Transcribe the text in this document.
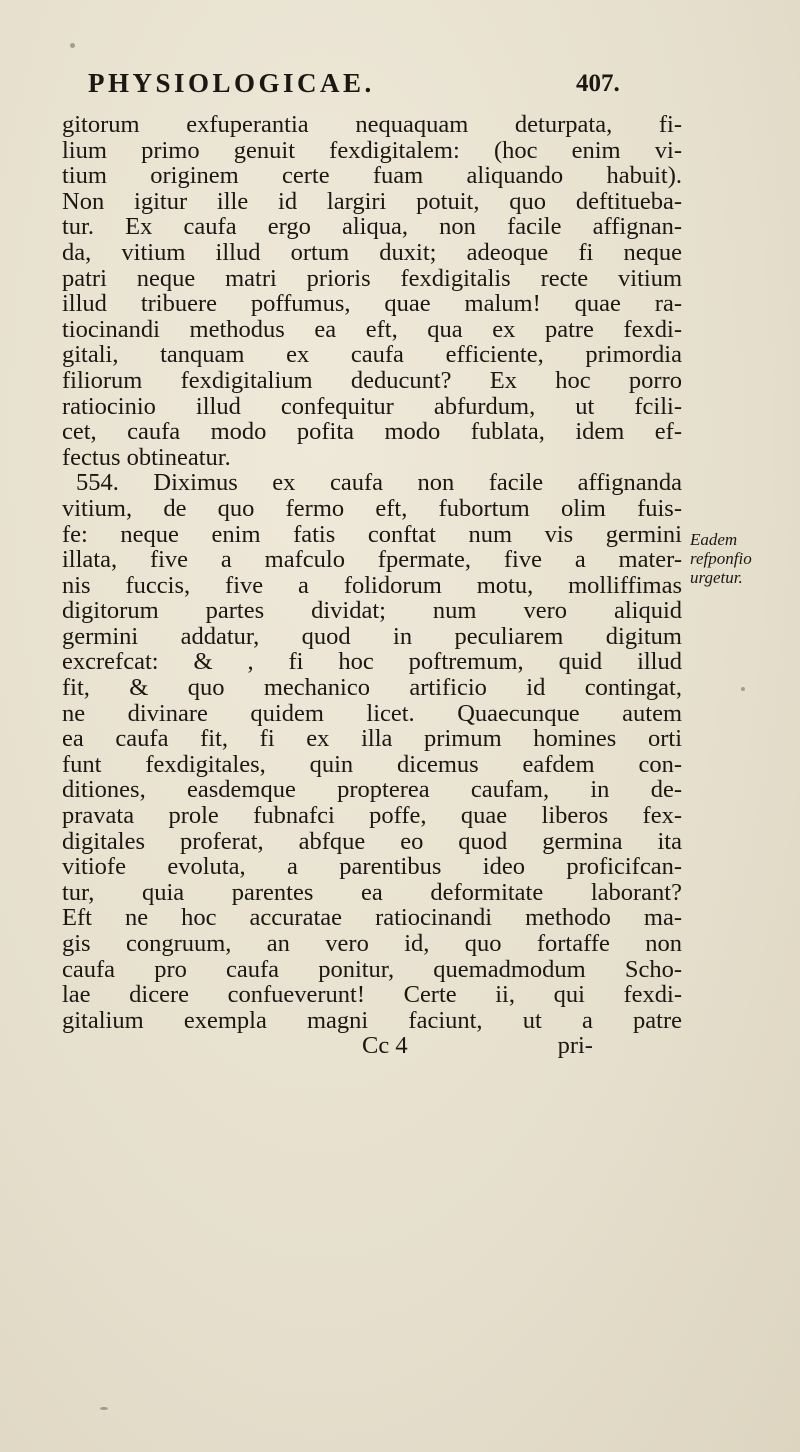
PHYSIOLOGICAE.	407.
gitorum exfuperantia nequaquam deturpata, fi-
lium primo genuit fexdigitalem: (hoc enim vi-
tium originem certe fuam aliquando habuit).
Non igitur ille id largiri potuit, quo deftitueba-
tur. Ex caufa ergo aliqua, non facile affignan-
da, vitium illud ortum duxit; adeoque fi neque
patri neque matri prioris fexdigitalis recte vitium
illud tribuere poffumus, quae malum! quae ra-
tiocinandi methodus ea eft, qua ex patre fexdi-
gitali, tanquam ex caufa efficiente, primordia
filiorum fexdigitalium deducunt? Ex hoc porro
ratiocinio illud confequitur abfurdum, ut fcili-
cet, caufa modo pofita modo fublata, idem ef-
fectus obtineatur.
554. Diximus ex caufa non facile affignanda
vitium, de quo fermo eft, fubortum olim fuis-
fe: neque enim fatis conftat num vis germini
illata, five a mafculo fpermate, five a mater-
nis fuccis, five a folidorum motu, molliffimas
digitorum partes dividat; num vero aliquid
germini addatur, quod in peculiarem digitum
excrefcat: & , fi hoc poftremum, quid illud
fit, & quo mechanico artificio id contingat,
ne divinare quidem licet. Quaecunque autem
ea caufa fit, fi ex illa primum homines orti
funt fexdigitales, quin dicemus eafdem con-
ditiones, easdemque propterea caufam, in de-
pravata prole fubnafci poffe, quae liberos fex-
digitales proferat, abfque eo quod germina ita
vitiofe evoluta, a parentibus ideo proficifcan-
tur, quia parentes ea deformitate laborant?
Eft ne hoc accuratae ratiocinandi methodo ma-
gis congruum, an vero id, quo fortaffe non
caufa pro caufa ponitur, quemadmodum Scho-
lae dicere confueverunt! Certe ii, qui fexdi-
gitalium exempla magni faciunt, ut a patre
Cc 4	pri-
Eadem
refponfio
urgetur.
